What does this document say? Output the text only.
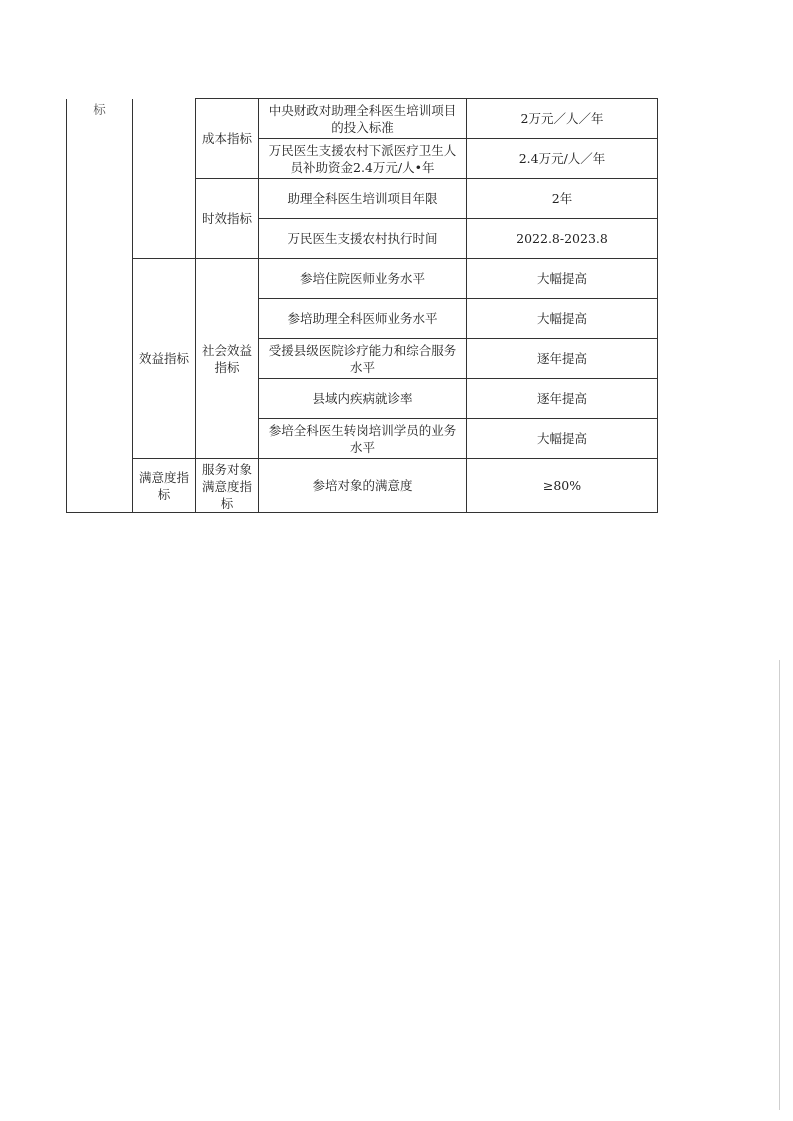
标		成本指标	中央财政对助理全科医生培训项目的投入标准	2万元／人／年
			万民医生支援农村下派医疗卫生人员补助资金2.4万元/人•年	2.4万元/人／年
		时效指标	助理全科医生培训项目年限	2年
			万民医生支援农村执行时间	2022.8-2023.8
	效益指标	社会效益指标	参培住院医师业务水平	大幅提高
			参培助理全科医师业务水平	大幅提高
			受援县级医院诊疗能力和综合服务水平	逐年提高
			县域内疾病就诊率	逐年提高
			参培全科医生转岗培训学员的业务水平	大幅提高
	满意度指标	服务对象满意度指标	参培对象的满意度	≥80%
